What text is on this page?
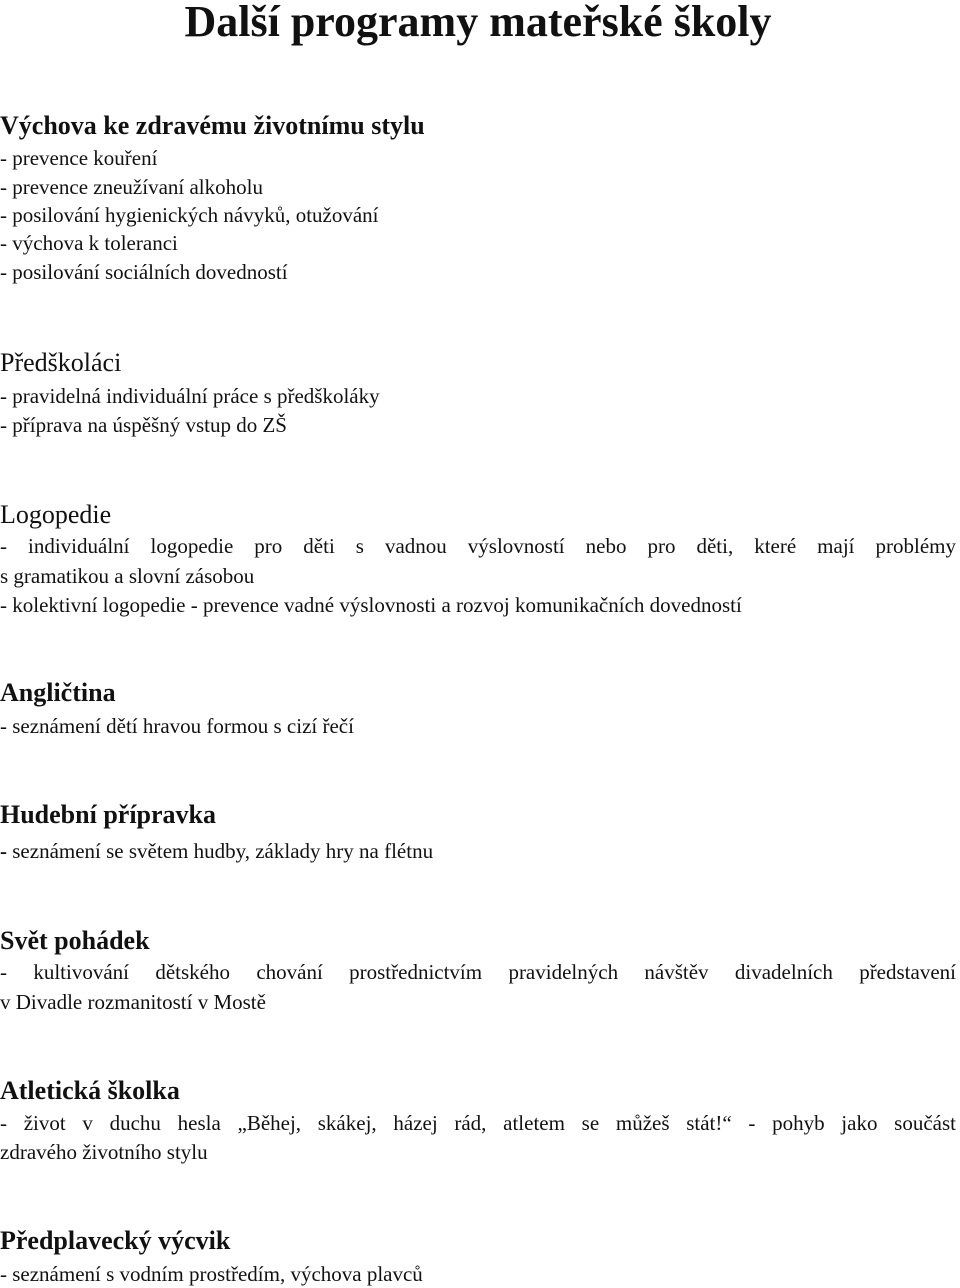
Další programy mateřské školy
Výchova ke zdravému životnímu stylu

- prevence kouření

- prevence zneužívaní alkoholu

- posilování hygienických návyků, otužování

- výchova k toleranci

- posilování sociálních dovedností

Předškoláci

- pravidelná individuální práce s předškoláky

- příprava na úspěšný vstup do ZŠ

Logopedie

- individuální logopedie pro děti s vadnou výslovností nebo pro děti, které mají problémy

s gramatikou a slovní zásobou

- kolektivní logopedie - prevence vadné výslovnosti a rozvoj komunikačních dovedností

Angličtina

- seznámení dětí hravou formou s cizí řečí

Hudební přípravka

- seznámení se světem hudby, základy hry na flétnu

Svět pohádek

- kultivování dětského chování prostřednictvím pravidelných návštěv divadelních představení

v Divadle rozmanitostí v Mostě

Atletická školka

- život v duchu hesla „Běhej, skákej, házej rád, atletem se můžeš stát!“ - pohyb jako součást

zdravého životního stylu

Předplavecký výcvik

- seznámení s vodním prostředím, výchova plavců
